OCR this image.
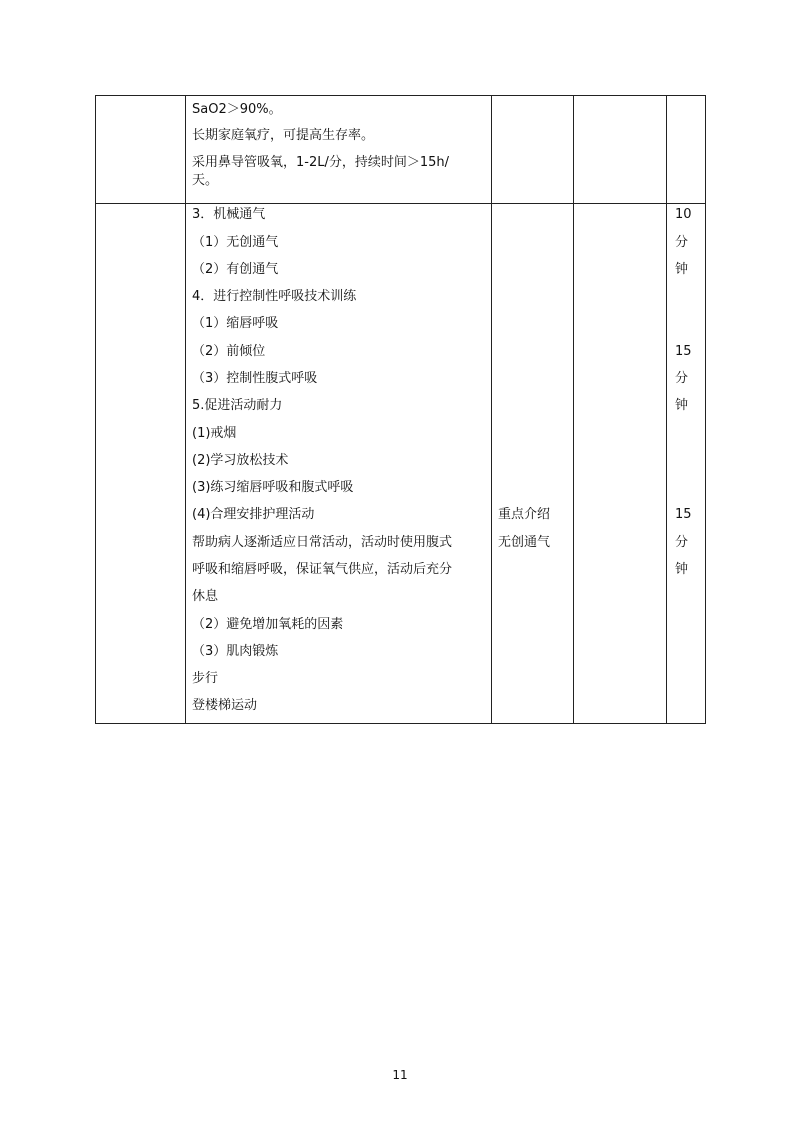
SaO2＞90%。
长期家庭氧疗，可提高生存率。
采用鼻导管吸氧，1-2L/分，持续时间＞15h/
天。
3．机械通气
（1）无创通气
（2）有创通气
4．进行控制性呼吸技术训练
（1）缩唇呼吸
（2）前倾位
（3）控制性腹式呼吸
5.促进活动耐力
(1)戒烟
(2)学习放松技术
(3)练习缩唇呼吸和腹式呼吸
(4)合理安排护理活动
帮助病人逐渐适应日常活动，活动时使用腹式
呼吸和缩唇呼吸，保证氧气供应，活动后充分
休息
（2）避免增加氧耗的因素
（3）肌肉锻炼
步行
登楼梯运动
重点介绍
无创通气
10
分
钟
15
分
钟
15
分
钟
11
